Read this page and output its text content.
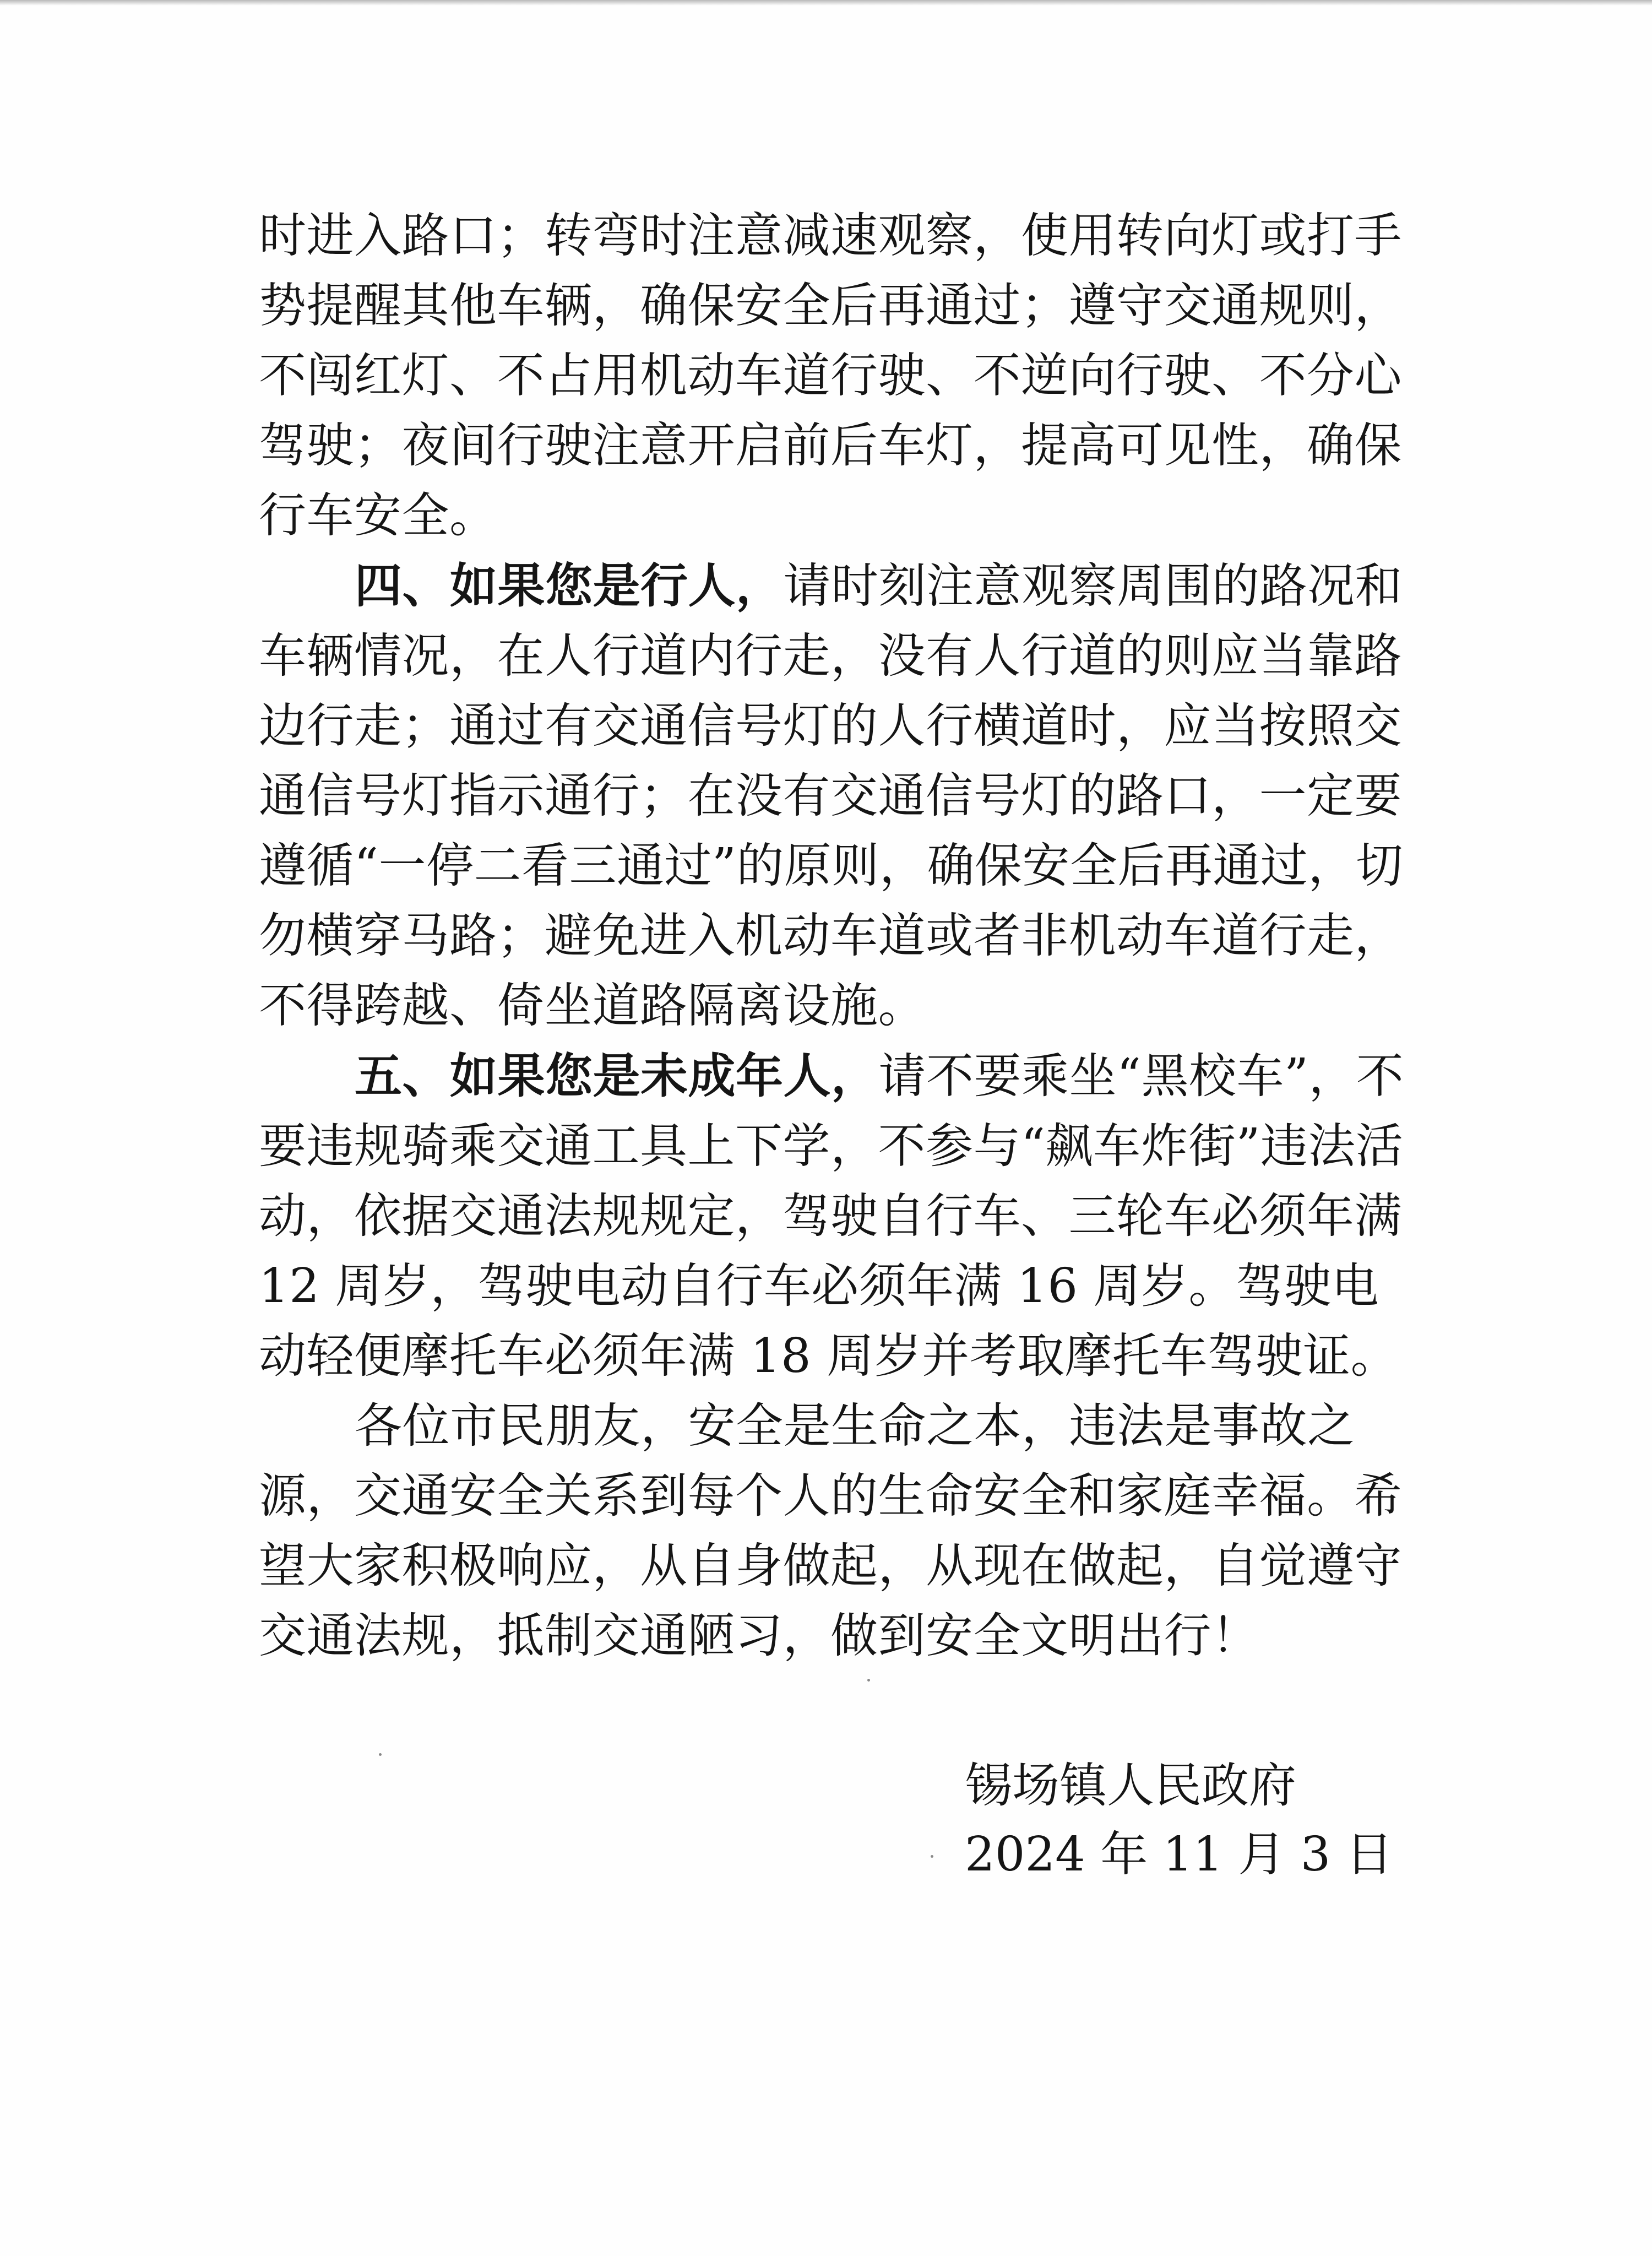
时进入路口；转弯时注意减速观察，使用转向灯或打手势提醒其他车辆，确保安全后再通过；遵守交通规则，不闯红灯、不占用机动车道行驶、不逆向行驶、不分心驾驶；夜间行驶注意开启前后车灯，提高可见性，确保行车安全。

四、如果您是行人，请时刻注意观察周围的路况和车辆情况，在人行道内行走，没有人行道的则应当靠路边行走；通过有交通信号灯的人行横道时，应当按照交通信号灯指示通行；在没有交通信号灯的路口，一定要遵循“一停二看三通过”的原则，确保安全后再通过，切勿横穿马路；避免进入机动车道或者非机动车道行走，不得跨越、倚坐道路隔离设施。

五、如果您是未成年人，请不要乘坐“黑校车”，不要违规骑乘交通工具上下学，不参与“飙车炸街”违法活动，依据交通法规规定，驾驶自行车、三轮车必须年满 12 周岁，驾驶电动自行车必须年满 16 周岁。驾驶电动轻便摩托车必须年满 18 周岁并考取摩托车驾驶证。

各位市民朋友，安全是生命之本，违法是事故之源，交通安全关系到每个人的生命安全和家庭幸福。希望大家积极响应，从自身做起，从现在做起，自觉遵守交通法规，抵制交通陋习，做到安全文明出行！

锡场镇人民政府
2024 年 11 月 3 日
